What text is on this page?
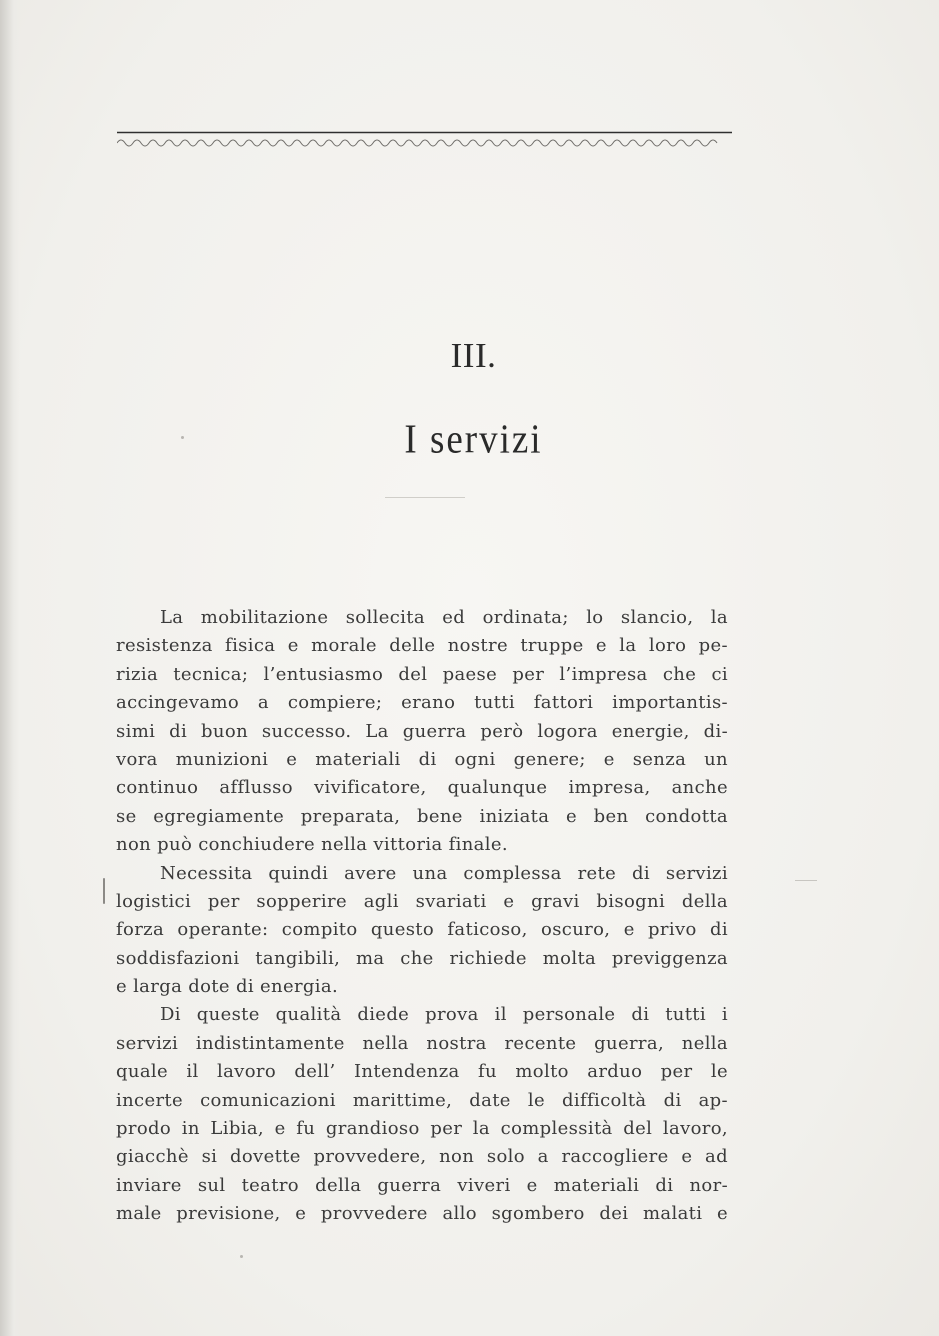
III.
I servizi

La mobilitazione sollecita ed ordinata; lo slancio, la
resistenza fisica e morale delle nostre truppe e la loro pe-
rizia tecnica; l’entusiasmo del paese per l’impresa che ci
accingevamo a compiere; erano tutti fattori importantis-
simi di buon successo. La guerra però logora energie, di-
vora munizioni e materiali di ogni genere; e senza un
continuo afflusso vivificatore, qualunque impresa, anche
se egregiamente preparata, bene iniziata e ben condotta
non può conchiudere nella vittoria finale.

Necessita quindi avere una complessa rete di servizi
logistici per sopperire agli svariati e gravi bisogni della
forza operante: compito questo faticoso, oscuro, e privo di
soddisfazioni tangibili, ma che richiede molta previggenza
e larga dote di energia.

Di queste qualità diede prova il personale di tutti i
servizi indistintamente nella nostra recente guerra, nella
quale il lavoro dell’ Intendenza fu molto arduo per le
incerte comunicazioni marittime, date le difficoltà di ap-
prodo in Libia, e fu grandioso per la complessità del lavoro,
giacchè si dovette provvedere, non solo a raccogliere e ad
inviare sul teatro della guerra viveri e materiali di nor-
male previsione, e provvedere allo sgombero dei malati e
